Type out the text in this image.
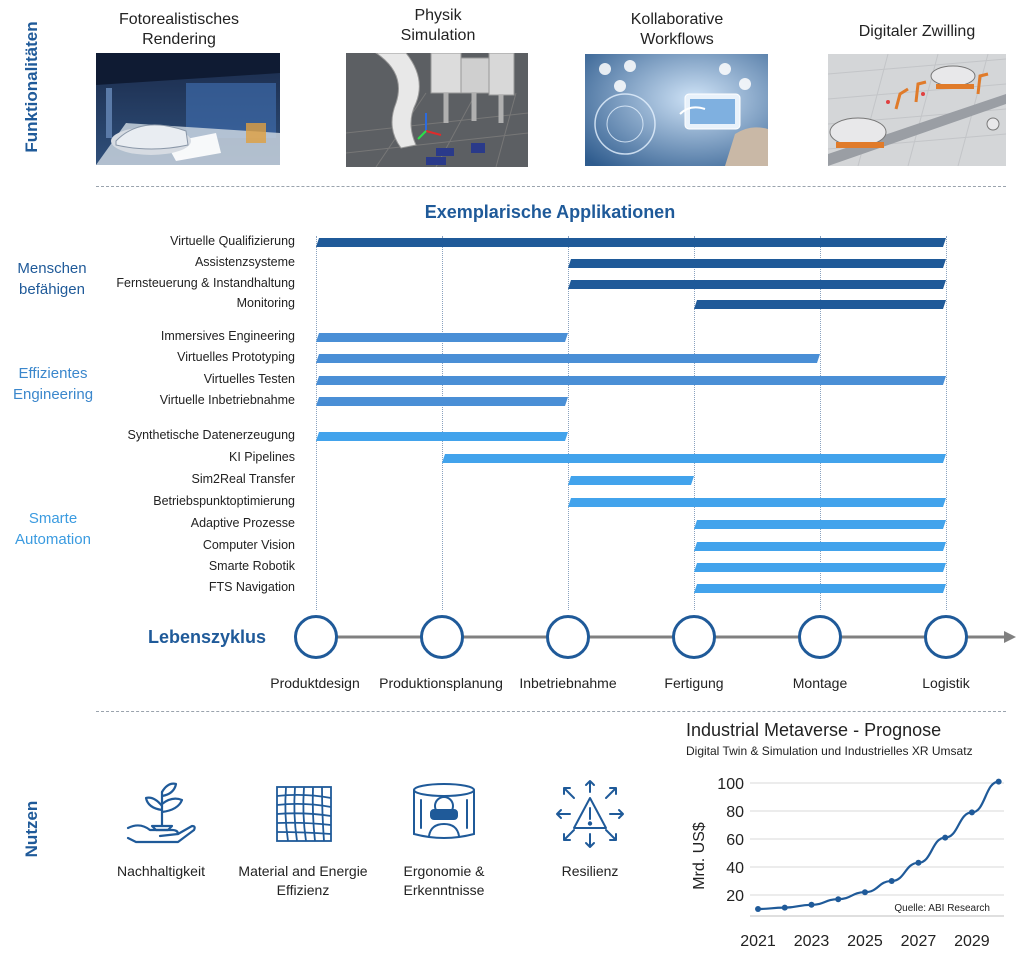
Funktionalitäten
Nutzen
Fotorealistisches
Rendering
Physik
Simulation
Kollaborative
Workflows	Digitaler Zwilling
Exemplarische Applikationen
Menschen
befähigen
Effizientes
Engineering
Smarte
Automation
Virtuelle Qualifizierung
Assistenzsysteme
Fernsteuerung & Instandhaltung
Monitoring
Immersives Engineering
Virtuelles Prototyping
Virtuelles Testen
Virtuelle Inbetriebnahme
Synthetische Datenerzeugung
KI Pipelines
Sim2Real Transfer
Betriebspunktoptimierung
Adaptive Prozesse
Computer Vision
Smarte Robotik
FTS Navigation
Lebenszyklus
Produktdesign	Produktionsplanung	Inbetriebnahme	Fertigung	Montage	Logistik
Nachhaltigkeit	Material and Energie
Effizienz
Ergonomie &
Erkenntnisse
Resilienz
Industrial Metaverse - Prognose
Digital Twin & Simulation und Industrielles XR Umsatz
20
40
60
80
100
2021 2023 2025 2027 2029
Mrd. US$
Quelle: ABI Research
